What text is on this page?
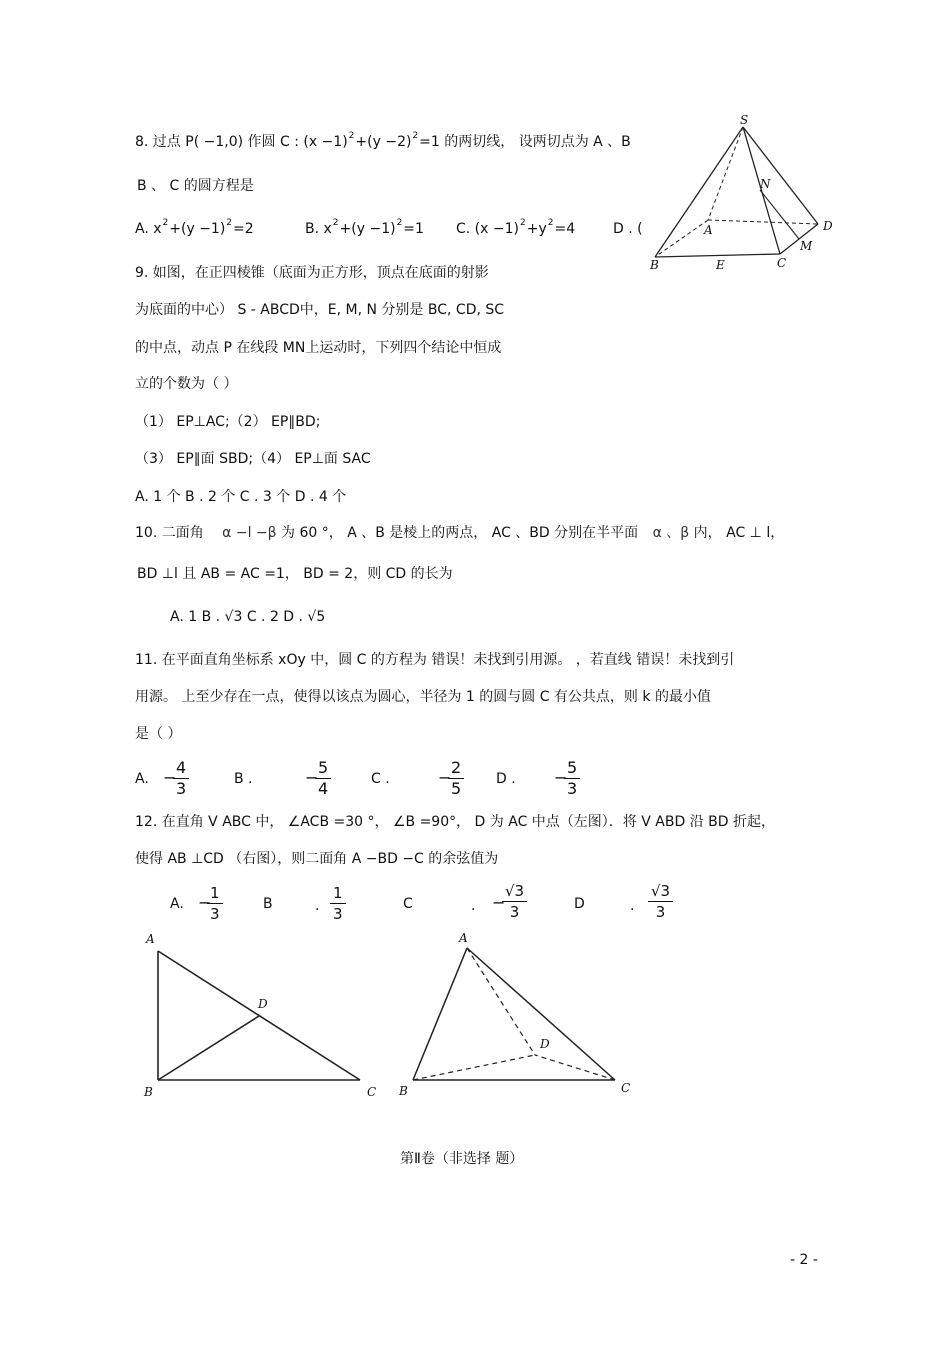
8. 过点 P( −1,0) 作圆 C : $(x -1)^2+(y -2)^2=1$ 的两切线， 设两切点为 A 、B
B 、 C 的圆方程是
A. $x^2+(y -1)^2=2$	B. $x^2+(y -1)^2=1$ C. $(x -1)^2+y^2=4$	D . (
S
N
A	D
M
B	E	C
9. 如图，在正四棱锥（底面为正方形，顶点在底面的射影
为底面的中心） S - ABCD中，E, M, N 分别是 BC, CD, SC
的中点，动点 P 在线段 MN上运动时，下列四个结论中恒成
立的个数为（ ）
（1） EP⊥AC;（2） EP∥BD;
（3） EP∥面 SBD;（4） EP⊥面 SAC
A. 1 个 B . 2 个 C . 3 个 D . 4 个
10. 二面角 α −l −β 为 60 °， A 、B 是棱上的两点， AC 、BD 分别在半平面 α 、β 内， AC ⊥ l，
BD ⊥l 且 AB = AC =1， BD = 2，则 CD 的长为
A. 1 B . √3 C . 2 D . √5
11. 在平面直角坐标系 xOy 中，圆 C 的方程为 错误！未找到引用源。 ，若直线 错误！未找到引
用源。 上至少存在一点，使得以该点为圆心，半径为 1 的圆与圆 C 有公共点，则 k 的最小值
是（ ）
A. −
$\frac{4}{3}$	B .	−
$\frac{5}{4}$	C .	−
$\frac{2}{5}$ D . −
$\frac{5}{3}$
12. 在直角 V ABC 中， ∠ACB =30 °， ∠B =90°， D 为 AC 中点（左图）．将 V ABD 沿 BD 折起，
使得 AB ⊥CD （右图），则二面角 A −BD −C 的余弦值为
A. −
$\frac{1}{3}$	B	. $\frac{1}{3}$	C	. −
$\frac{√3}{3}$	D	. $\frac{√3}{3}$
A
D
B	C
A
D
B	C
第Ⅱ卷（非选择 题）
- 2 -
